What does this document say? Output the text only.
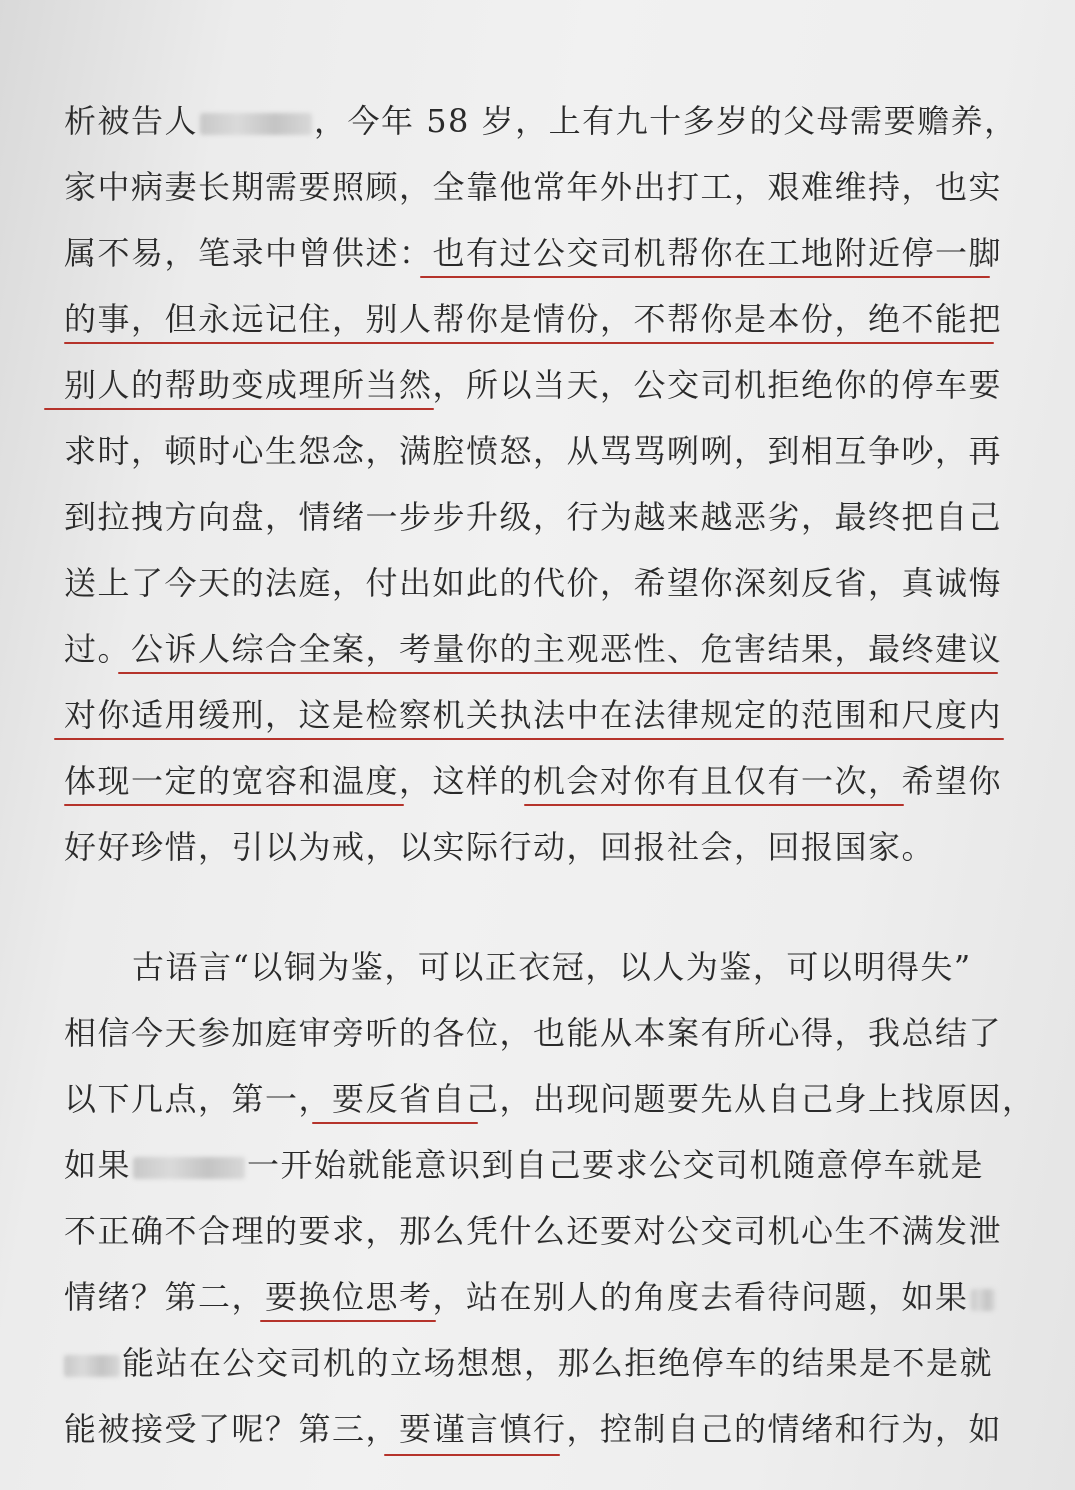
析被告人	，今年 58 岁，上有九十多岁的父母需要赡养，
家中病妻长期需要照顾，全靠他常年外出打工，艰难维持，也实
属不易，笔录中曾供述：也有过公交司机帮你在工地附近停一脚
的事，但永远记住，别人帮你是情份，不帮你是本份，绝不能把
别人的帮助变成理所当然，所以当天，公交司机拒绝你的停车要
求时，顿时心生怨念，满腔愤怒，从骂骂咧咧，到相互争吵，再
到拉拽方向盘，情绪一步步升级，行为越来越恶劣，最终把自己
送上了今天的法庭，付出如此的代价，希望你深刻反省，真诚悔
过。公诉人综合全案，考量你的主观恶性、危害结果，最终建议
对你适用缓刑，这是检察机关执法中在法律规定的范围和尺度内
体现一定的宽容和温度，这样的机会对你有且仅有一次，希望你
好好珍惜，引以为戒，以实际行动，回报社会，回报国家。
古语言“以铜为鉴，可以正衣冠，以人为鉴，可以明得失”
相信今天参加庭审旁听的各位，也能从本案有所心得，我总结了
以下几点，第一，要反省自己，出现问题要先从自己身上找原因，
如果	一开始就能意识到自己要求公交司机随意停车就是
不正确不合理的要求，那么凭什么还要对公交司机心生不满发泄
情绪？第二，要换位思考，站在别人的角度去看待问题，如果
能站在公交司机的立场想想，那么拒绝停车的结果是不是就
能被接受了呢？第三，要谨言慎行，控制自己的情绪和行为，如
